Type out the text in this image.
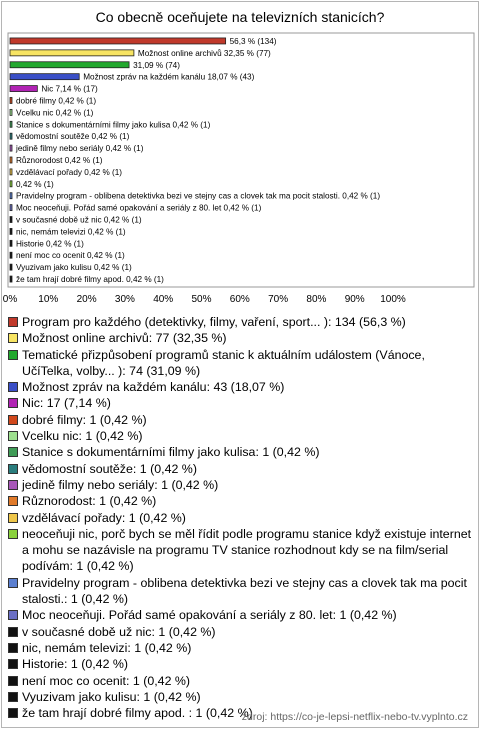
Co obecně oceňujete na televizních stanicích?
56,3 % (134)
Možnost online archivů 32,35 % (77)
31,09 % (74)
Možnost zpráv na každém kanálu 18,07 % (43)
Nic 7,14 % (17)
dobré filmy 0,42 % (1)
Vcelku nic 0,42 % (1)
Stanice s dokumentárními filmy jako kulisa 0,42 % (1)
vědomostní soutěže 0,42 % (1)
jedině filmy nebo seriály 0,42 % (1)
Různorodost 0,42 % (1)
vzdělávací pořady 0,42 % (1)
0,42 % (1)
Pravidelny program - oblibena detektivka bezi ve stejny cas a clovek tak ma pocit stalosti. 0,42 % (1)
Moc neoceňuji. Pořád samé opakování a seriály z 80. let 0,42 % (1)
v současné době už nic 0,42 % (1)
nic, nemám televizi 0,42 % (1)
Historie 0,42 % (1)
není moc co ocenit 0,42 % (1)
Vyuzivam jako kulisu 0,42 % (1)
že tam hrají dobré filmy apod. 0,42 % (1)
0% 10% 20% 30% 40% 50% 60% 70% 80% 90% 100%
Program pro každého (detektivky, filmy, vaření, sport... ): 134 (56,3 %)
Možnost online archivů: 77 (32,35 %)
Tematické přizpůsobení programů stanic k aktuálním událostem (Vánoce, UčíTelka, volby... ): 74 (31,09 %)
Možnost zpráv na každém kanálu: 43 (18,07 %)
Nic: 17 (7,14 %)
dobré filmy: 1 (0,42 %)
Vcelku nic: 1 (0,42 %)
Stanice s dokumentárními filmy jako kulisa: 1 (0,42 %)
vědomostní soutěže: 1 (0,42 %)
jedině filmy nebo seriály: 1 (0,42 %)
Různorodost: 1 (0,42 %)
vzdělávací pořady: 1 (0,42 %)
neoceňuji nic, porč bych se měl řídit podle programu stanice když existuje internet a mohu se nazávisle na programu TV stanice rozhodnout kdy se na film/serial podívám: 1 (0,42 %)
Pravidelny program - oblibena detektivka bezi ve stejny cas a clovek tak ma pocit stalosti.: 1 (0,42 %)
Moc neoceňuji. Pořád samé opakování a seriály z 80. let: 1 (0,42 %)
v současné době už nic: 1 (0,42 %)
nic, nemám televizi: 1 (0,42 %)
Historie: 1 (0,42 %)
není moc co ocenit: 1 (0,42 %)
Vyuzivam jako kulisu: 1 (0,42 %)
že tam hrají dobré filmy apod. : 1 (0,42 %)
zdroj: https://co-je-lepsi-netflix-nebo-tv.vyplnto.cz
